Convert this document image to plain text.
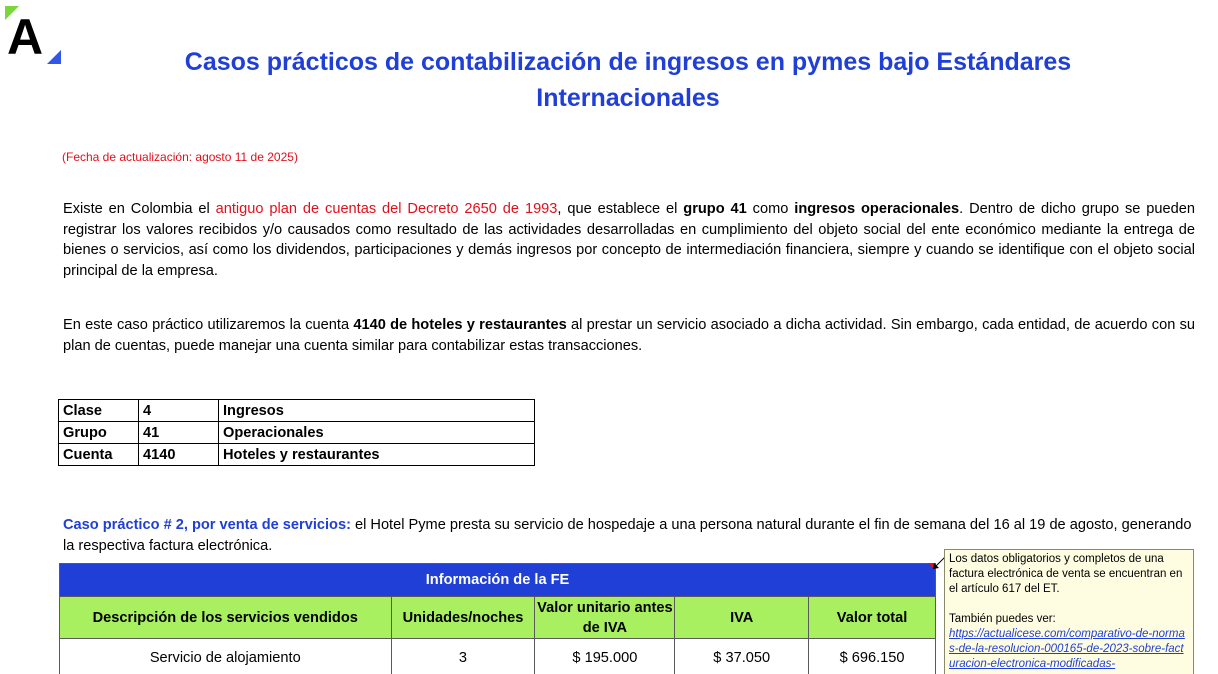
A	Casos prácticos de contabilización de ingresos en pymes bajo Estándares Internacionales
(Fecha de actualización: agosto 11 de 2025)
Existe en Colombia el antiguo plan de cuentas del Decreto 2650 de 1993, que establece el grupo 41 como ingresos operacionales. Dentro de dicho grupo se pueden registrar los valores recibidos y/o causados como resultado de las actividades desarrolladas en cumplimiento del objeto social del ente económico mediante la entrega de bienes o servicios, así como los dividendos, participaciones y demás ingresos por concepto de intermediación financiera, siempre y cuando se identifique con el objeto social principal de la empresa.
En este caso práctico utilizaremos la cuenta 4140 de hoteles y restaurantes al prestar un servicio asociado a dicha actividad. Sin embargo, cada entidad, de acuerdo con su plan de cuentas, puede manejar una cuenta similar para contabilizar estas transacciones.
Clase	4	Ingresos
Grupo	41	Operacionales
Cuenta	4140	Hoteles y restaurantes
Caso práctico # 2, por venta de servicios: el Hotel Pyme presta su servicio de hospedaje a una persona natural durante el fin de semana del 16 al 19 de agosto, generando la respectiva factura electrónica.
Información de la FE				
Descripción de los servicios vendidos	Unidades/noches	Valor unitario antes de IVA	IVA	Valor total
Servicio de alojamiento	3	$ 195.000	$ 37.050	$ 696.150
Los datos obligatorios y completos de una factura electrónica de venta se encuentran en el artículo 617 del ET.
También puedes ver:
https://actualicese.com/comparativo-de-normas-de-la-resolucion-000165-de-2023-sobre-facturacion-electronica-modificadas-
